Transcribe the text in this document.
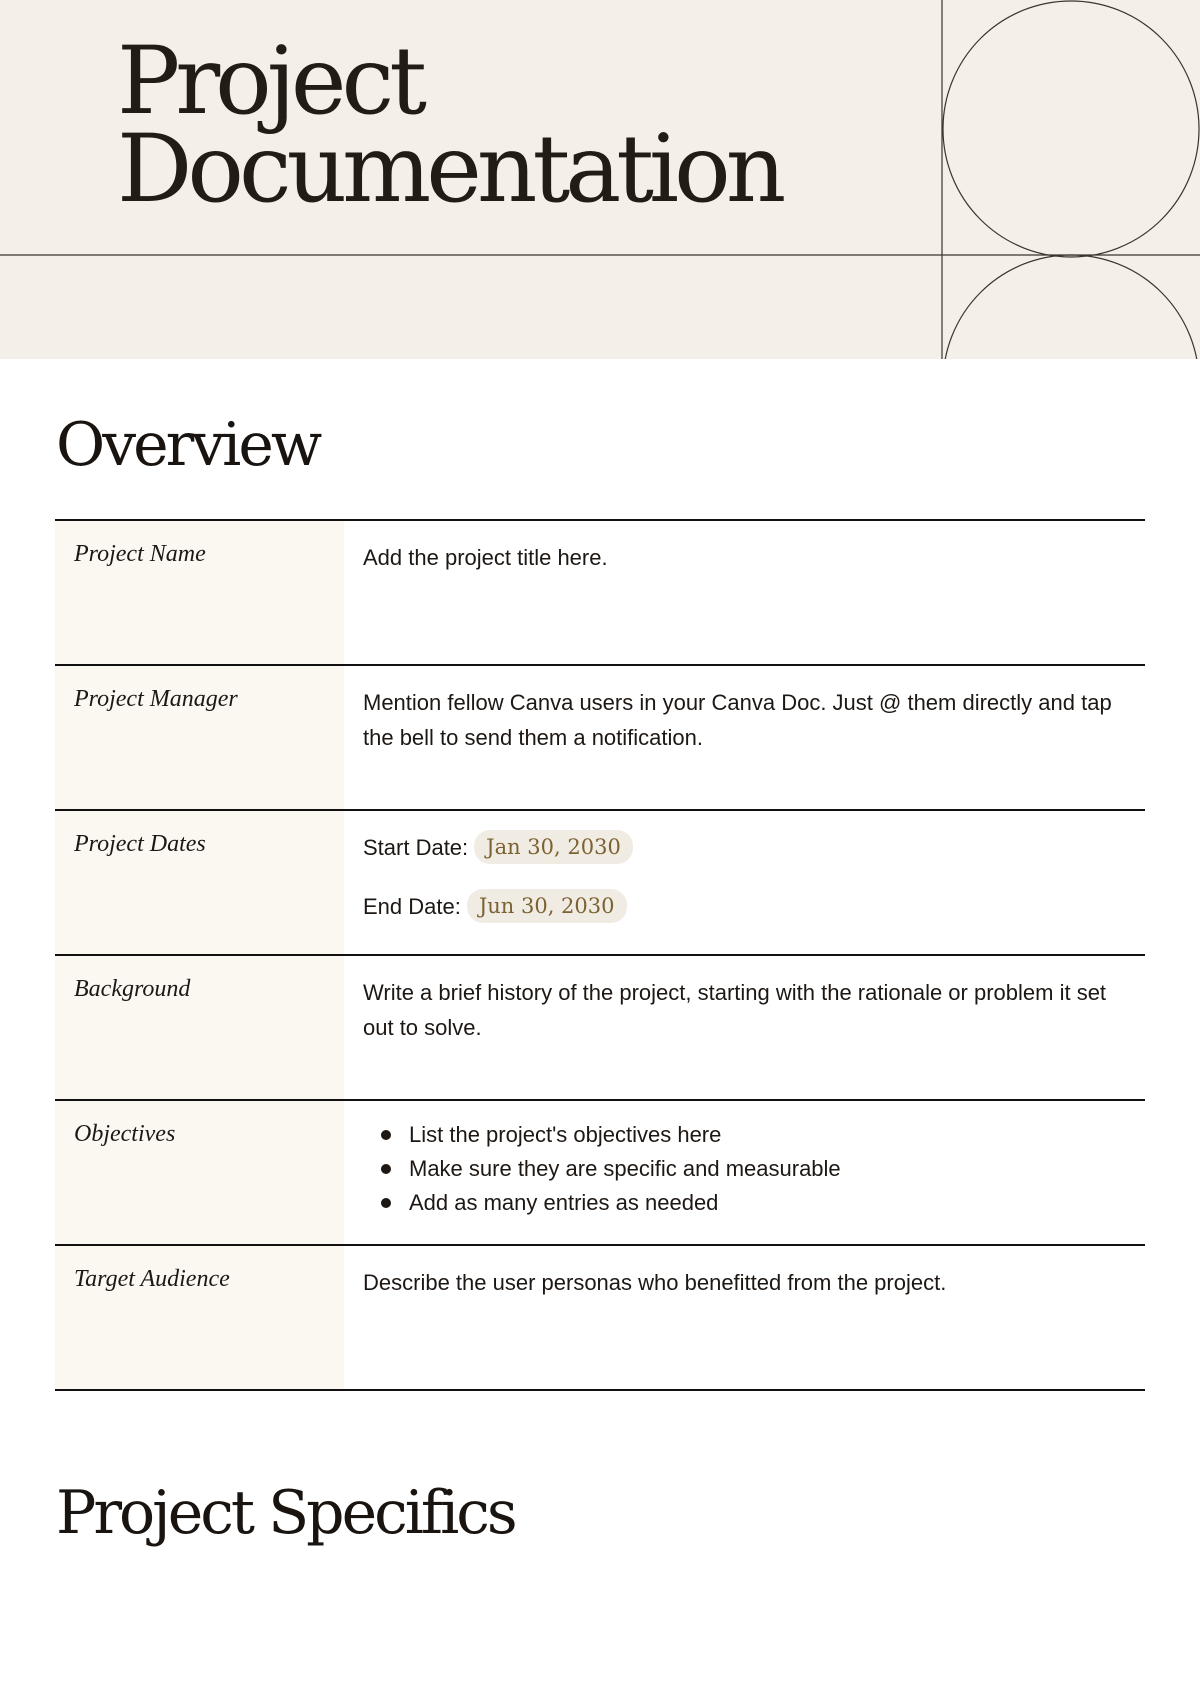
Project
Documentation
Overview
Project Name	Add the project title here.
Project Manager	Mention fellow Canva users in your Canva Doc. Just @ them directly and tap the bell to send them a notification.
Project Dates	Start Date: Jan 30, 2030
End Date: Jun 30, 2030
Background	Write a brief history of the project, starting with the rationale or problem it set out to solve.
Objectives	List the project's objectives here
Make sure they are specific and measurable
Add as many entries as needed
Target Audience	Describe the user personas who benefitted from the project.
Project Specifics
